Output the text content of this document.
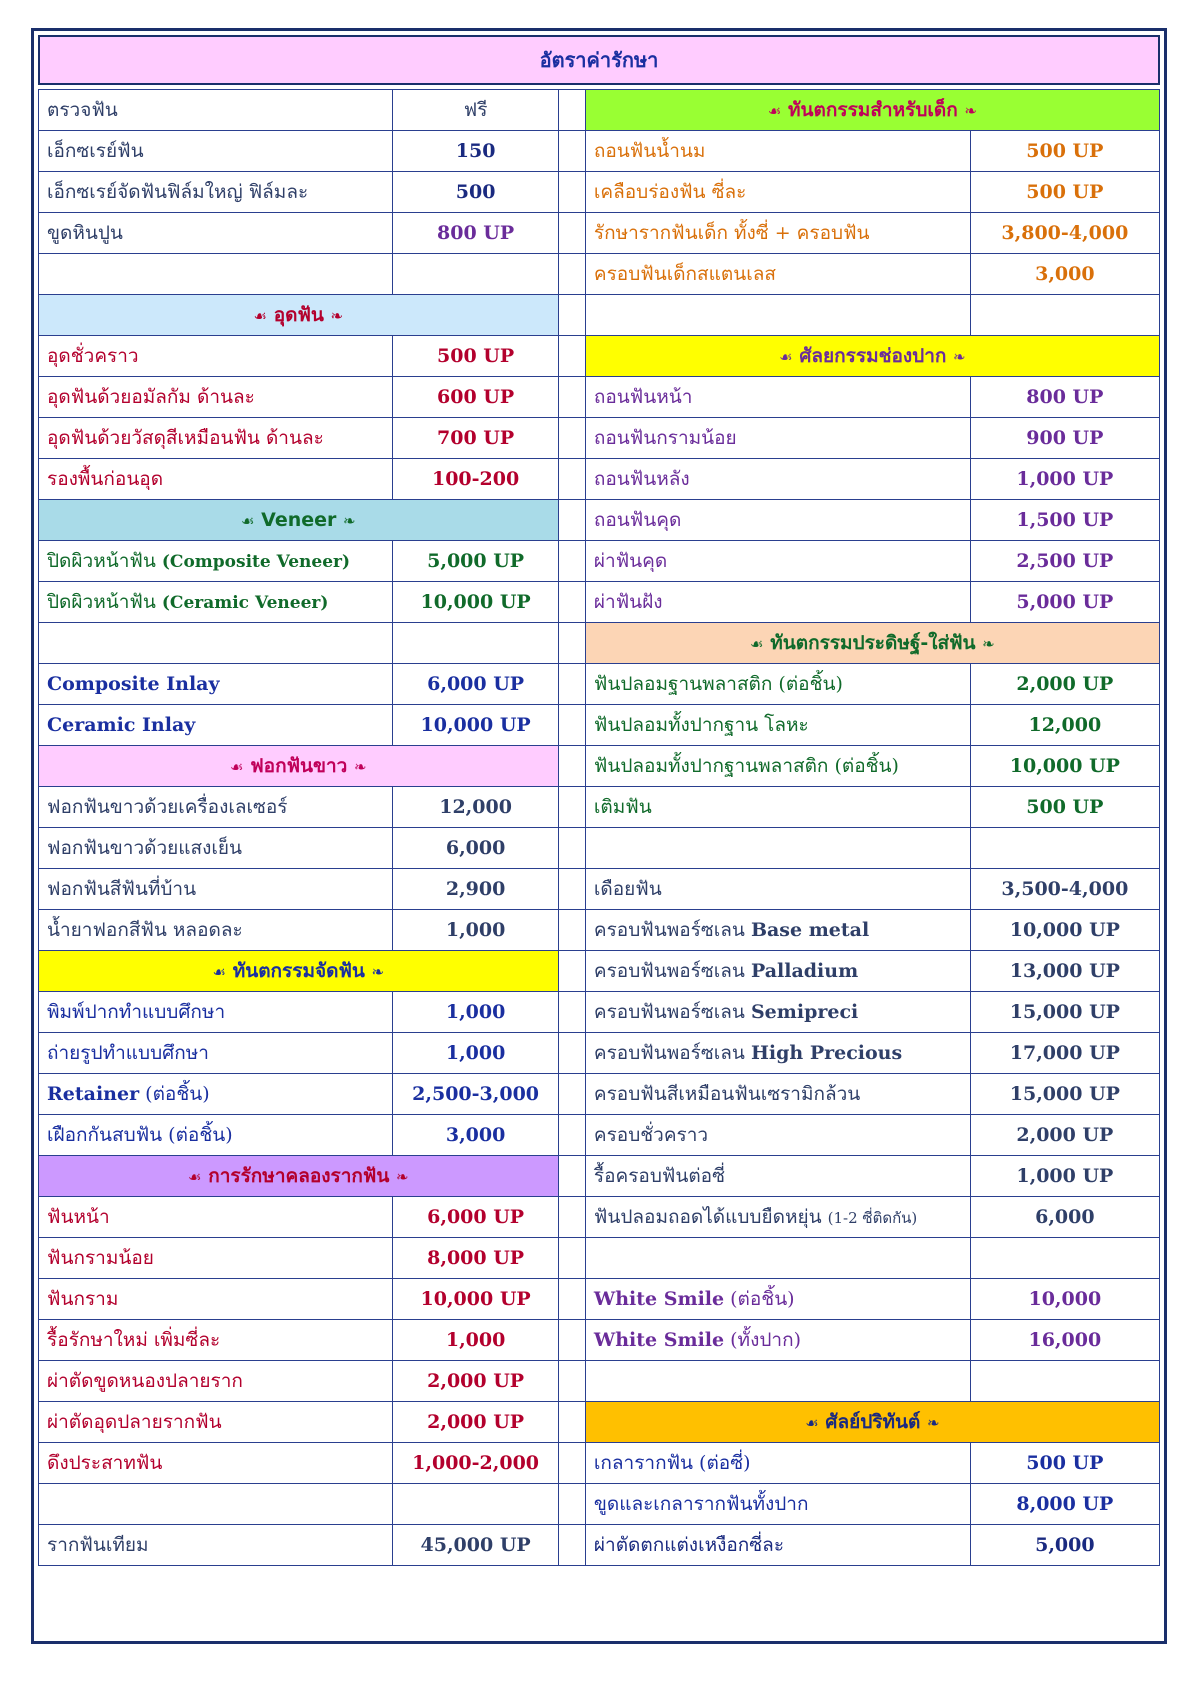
อัตราค่ารักษา
ตรวจฟัน	ฟรี		☙ ทันตกรรมสำหรับเด็ก ❧	
เอ็กซเรย์ฟัน	150		ถอนฟันน้ำนม	500 UP
เอ็กซเรย์จัดฟันฟิล์มใหญ่ ฟิล์มละ	500		เคลือบร่องฟัน ซี่ละ	500 UP
ขูดหินปูน	800 UP		รักษารากฟันเด็ก ทั้งซี่ + ครอบฟัน	3,800-4,000
			ครอบฟันเด็กสแตนเลส	3,000
☙ อุดฟัน ❧				
อุดชั่วคราว	500 UP		☙ ศัลยกรรมช่องปาก ❧	
อุดฟันด้วยอมัลกัม ด้านละ	600 UP		ถอนฟันหน้า	800 UP
อุดฟันด้วยวัสดุสีเหมือนฟัน ด้านละ	700 UP		ถอนฟันกรามน้อย	900 UP
รองพื้นก่อนอุด	100-200		ถอนฟันหลัง	1,000 UP
☙ Veneer ❧			ถอนฟันคุด	1,500 UP
ปิดผิวหน้าฟัน (Composite Veneer)	5,000 UP		ผ่าฟันคุด	2,500 UP
ปิดผิวหน้าฟัน (Ceramic Veneer)	10,000 UP		ผ่าฟันฝัง	5,000 UP
			☙ ทันตกรรมประดิษฐ์-ใส่ฟัน ❧	
Composite Inlay	6,000 UP		ฟันปลอมฐานพลาสติก (ต่อชิ้น)	2,000 UP
Ceramic Inlay	10,000 UP		ฟันปลอมทั้งปากฐาน โลหะ	12,000
☙ ฟอกฟันขาว ❧			ฟันปลอมทั้งปากฐานพลาสติก (ต่อชิ้น)	10,000 UP
ฟอกฟันขาวด้วยเครื่องเลเซอร์	12,000		เติมฟัน	500 UP
ฟอกฟันขาวด้วยแสงเย็น	6,000			
ฟอกฟันสีฟันที่บ้าน	2,900		เดือยฟัน	3,500-4,000
น้ำยาฟอกสีฟัน หลอดละ	1,000		ครอบฟันพอร์ซเลน Base metal	10,000 UP
☙ ทันตกรรมจัดฟัน ❧			ครอบฟันพอร์ซเลน Palladium	13,000 UP
พิมพ์ปากทำแบบศึกษา	1,000		ครอบฟันพอร์ซเลน Semipreci	15,000 UP
ถ่ายรูปทำแบบศึกษา	1,000		ครอบฟันพอร์ซเลน High Precious	17,000 UP
Retainer (ต่อชิ้น)	2,500-3,000		ครอบฟันสีเหมือนฟันเซรามิกล้วน	15,000 UP
เฝือกกันสบฟัน (ต่อชิ้น)	3,000		ครอบชั่วคราว	2,000 UP
☙ การรักษาคลองรากฟัน ❧			รื้อครอบฟันต่อซี่	1,000 UP
ฟันหน้า	6,000 UP		ฟันปลอมถอดได้แบบยืดหยุ่น (1-2 ซี่ติดกัน)	6,000
ฟันกรามน้อย	8,000 UP			
ฟันกราม	10,000 UP		White Smile (ต่อชิ้น)	10,000
รื้อรักษาใหม่ เพิ่มซี่ละ	1,000		White Smile (ทั้งปาก)	16,000
ผ่าตัดขูดหนองปลายราก	2,000 UP			
ผ่าตัดอุดปลายรากฟัน	2,000 UP		☙ ศัลย์ปริทันต์ ❧	
ดึงประสาทฟัน	1,000-2,000		เกลารากฟัน (ต่อซี่)	500 UP
			ขูดและเกลารากฟันทั้งปาก	8,000 UP
รากฟันเทียม	45,000 UP		ผ่าตัดตกแต่งเหงือกซี่ละ	5,000
